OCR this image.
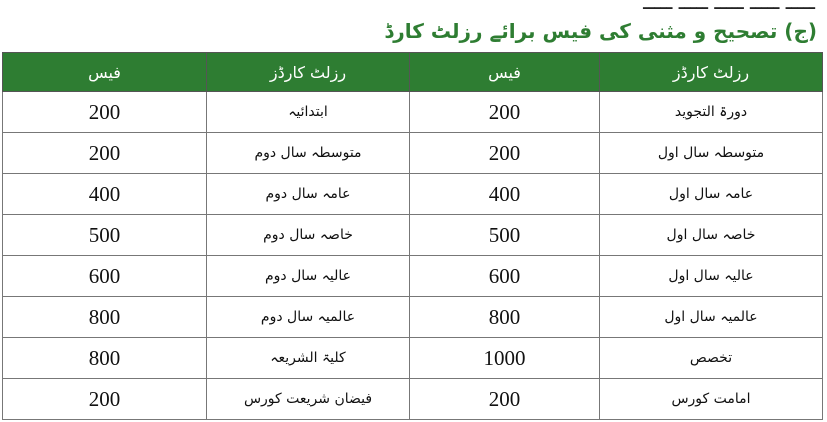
ـــــ ـــــ ـــــ ـــــ ـــــ
(ج) تصحیح و مثنی کی فیس برائے رزلٹ کارڈ
فیس	رزلٹ کارڈز	فیس	رزلٹ کارڈز
200	ابتدائیہ	200	دورۃ التجوید
200	متوسطہ سال دوم	200	متوسطہ سال اول
400	عامہ سال دوم	400	عامہ سال اول
500	خاصہ سال دوم	500	خاصہ سال اول
600	عالیہ سال دوم	600	عالیہ سال اول
800	عالمیہ سال دوم	800	عالمیہ سال اول
800	کلیۃ الشریعہ	1000	تخصص
200	فیضان شریعت کورس	200	امامت کورس
